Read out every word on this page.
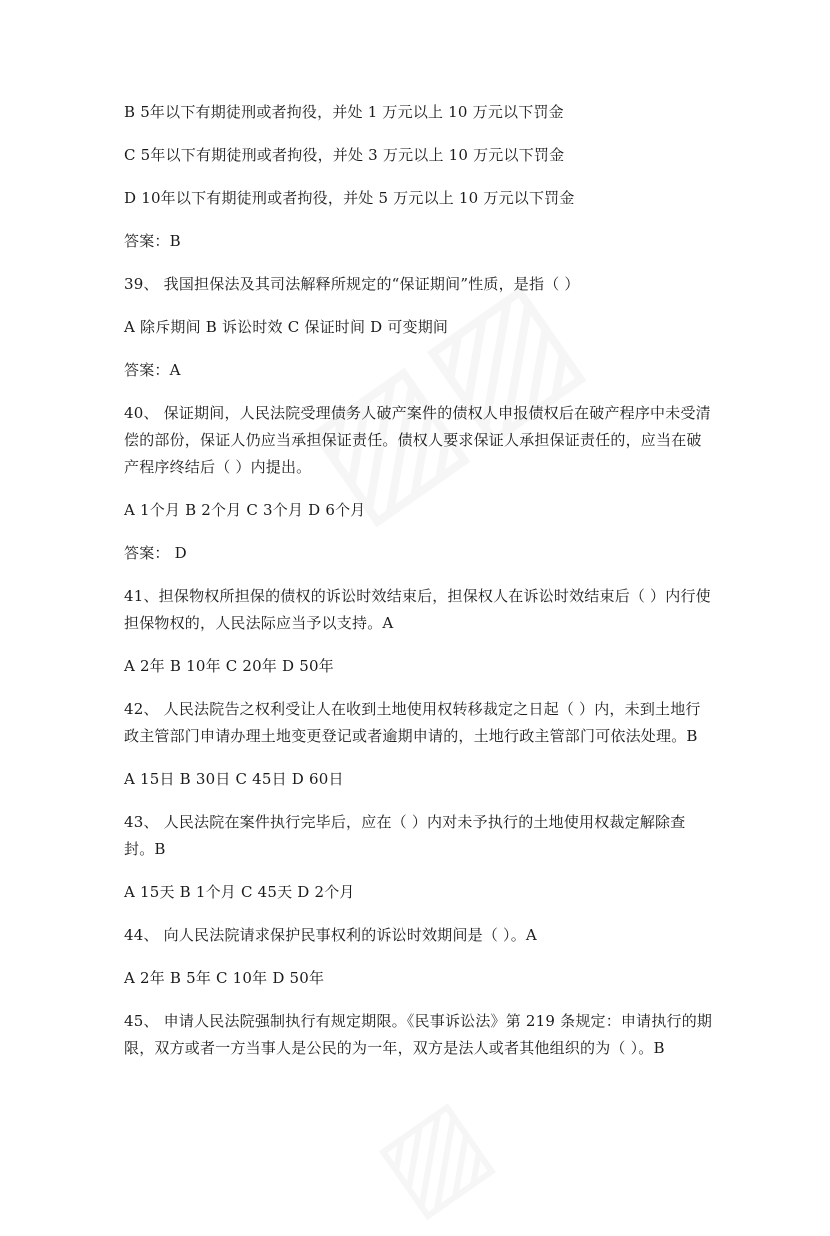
B 5年以下有期徒刑或者拘役，并处 1 万元以上 10 万元以下罚金

C 5年以下有期徒刑或者拘役，并处 3 万元以上 10 万元以下罚金

D 10年以下有期徒刑或者拘役，并处 5 万元以上 10 万元以下罚金

答案：B

39、 我国担保法及其司法解释所规定的“保证期间”性质，是指（ ）

A 除斥期间 B 诉讼时效 C 保证时间 D 可变期间

答案：A

40、 保证期间，人民法院受理债务人破产案件的债权人申报债权后在破产程序中未受清偿的部份，保证人仍应当承担保证责任。债权人要求保证人承担保证责任的，应当在破产程序终结后（ ）内提出。

A 1个月 B 2个月 C 3个月 D 6个月

答案： D

41、担保物权所担保的债权的诉讼时效结束后，担保权人在诉讼时效结束后（ ）内行使担保物权的，人民法际应当予以支持。A

A 2年 B 10年 C 20年 D 50年

42、 人民法院告之权利受让人在收到土地使用权转移裁定之日起（ ）内，未到土地行政主管部门申请办理土地变更登记或者逾期申请的，土地行政主管部门可依法处理。B

A 15日 B 30日 C 45日 D 60日

43、 人民法院在案件执行完毕后，应在（ ）内对未予执行的土地使用权裁定解除查封。B

A 15天 B 1个月 C 45天 D 2个月

44、 向人民法院请求保护民事权利的诉讼时效期间是（ ）。A

A 2年 B 5年 C 10年 D 50年

45、 申请人民法院强制执行有规定期限。《民事诉讼法》第 219 条规定：申请执行的期限，双方或者一方当事人是公民的为一年，双方是法人或者其他组织的为（ ）。B
